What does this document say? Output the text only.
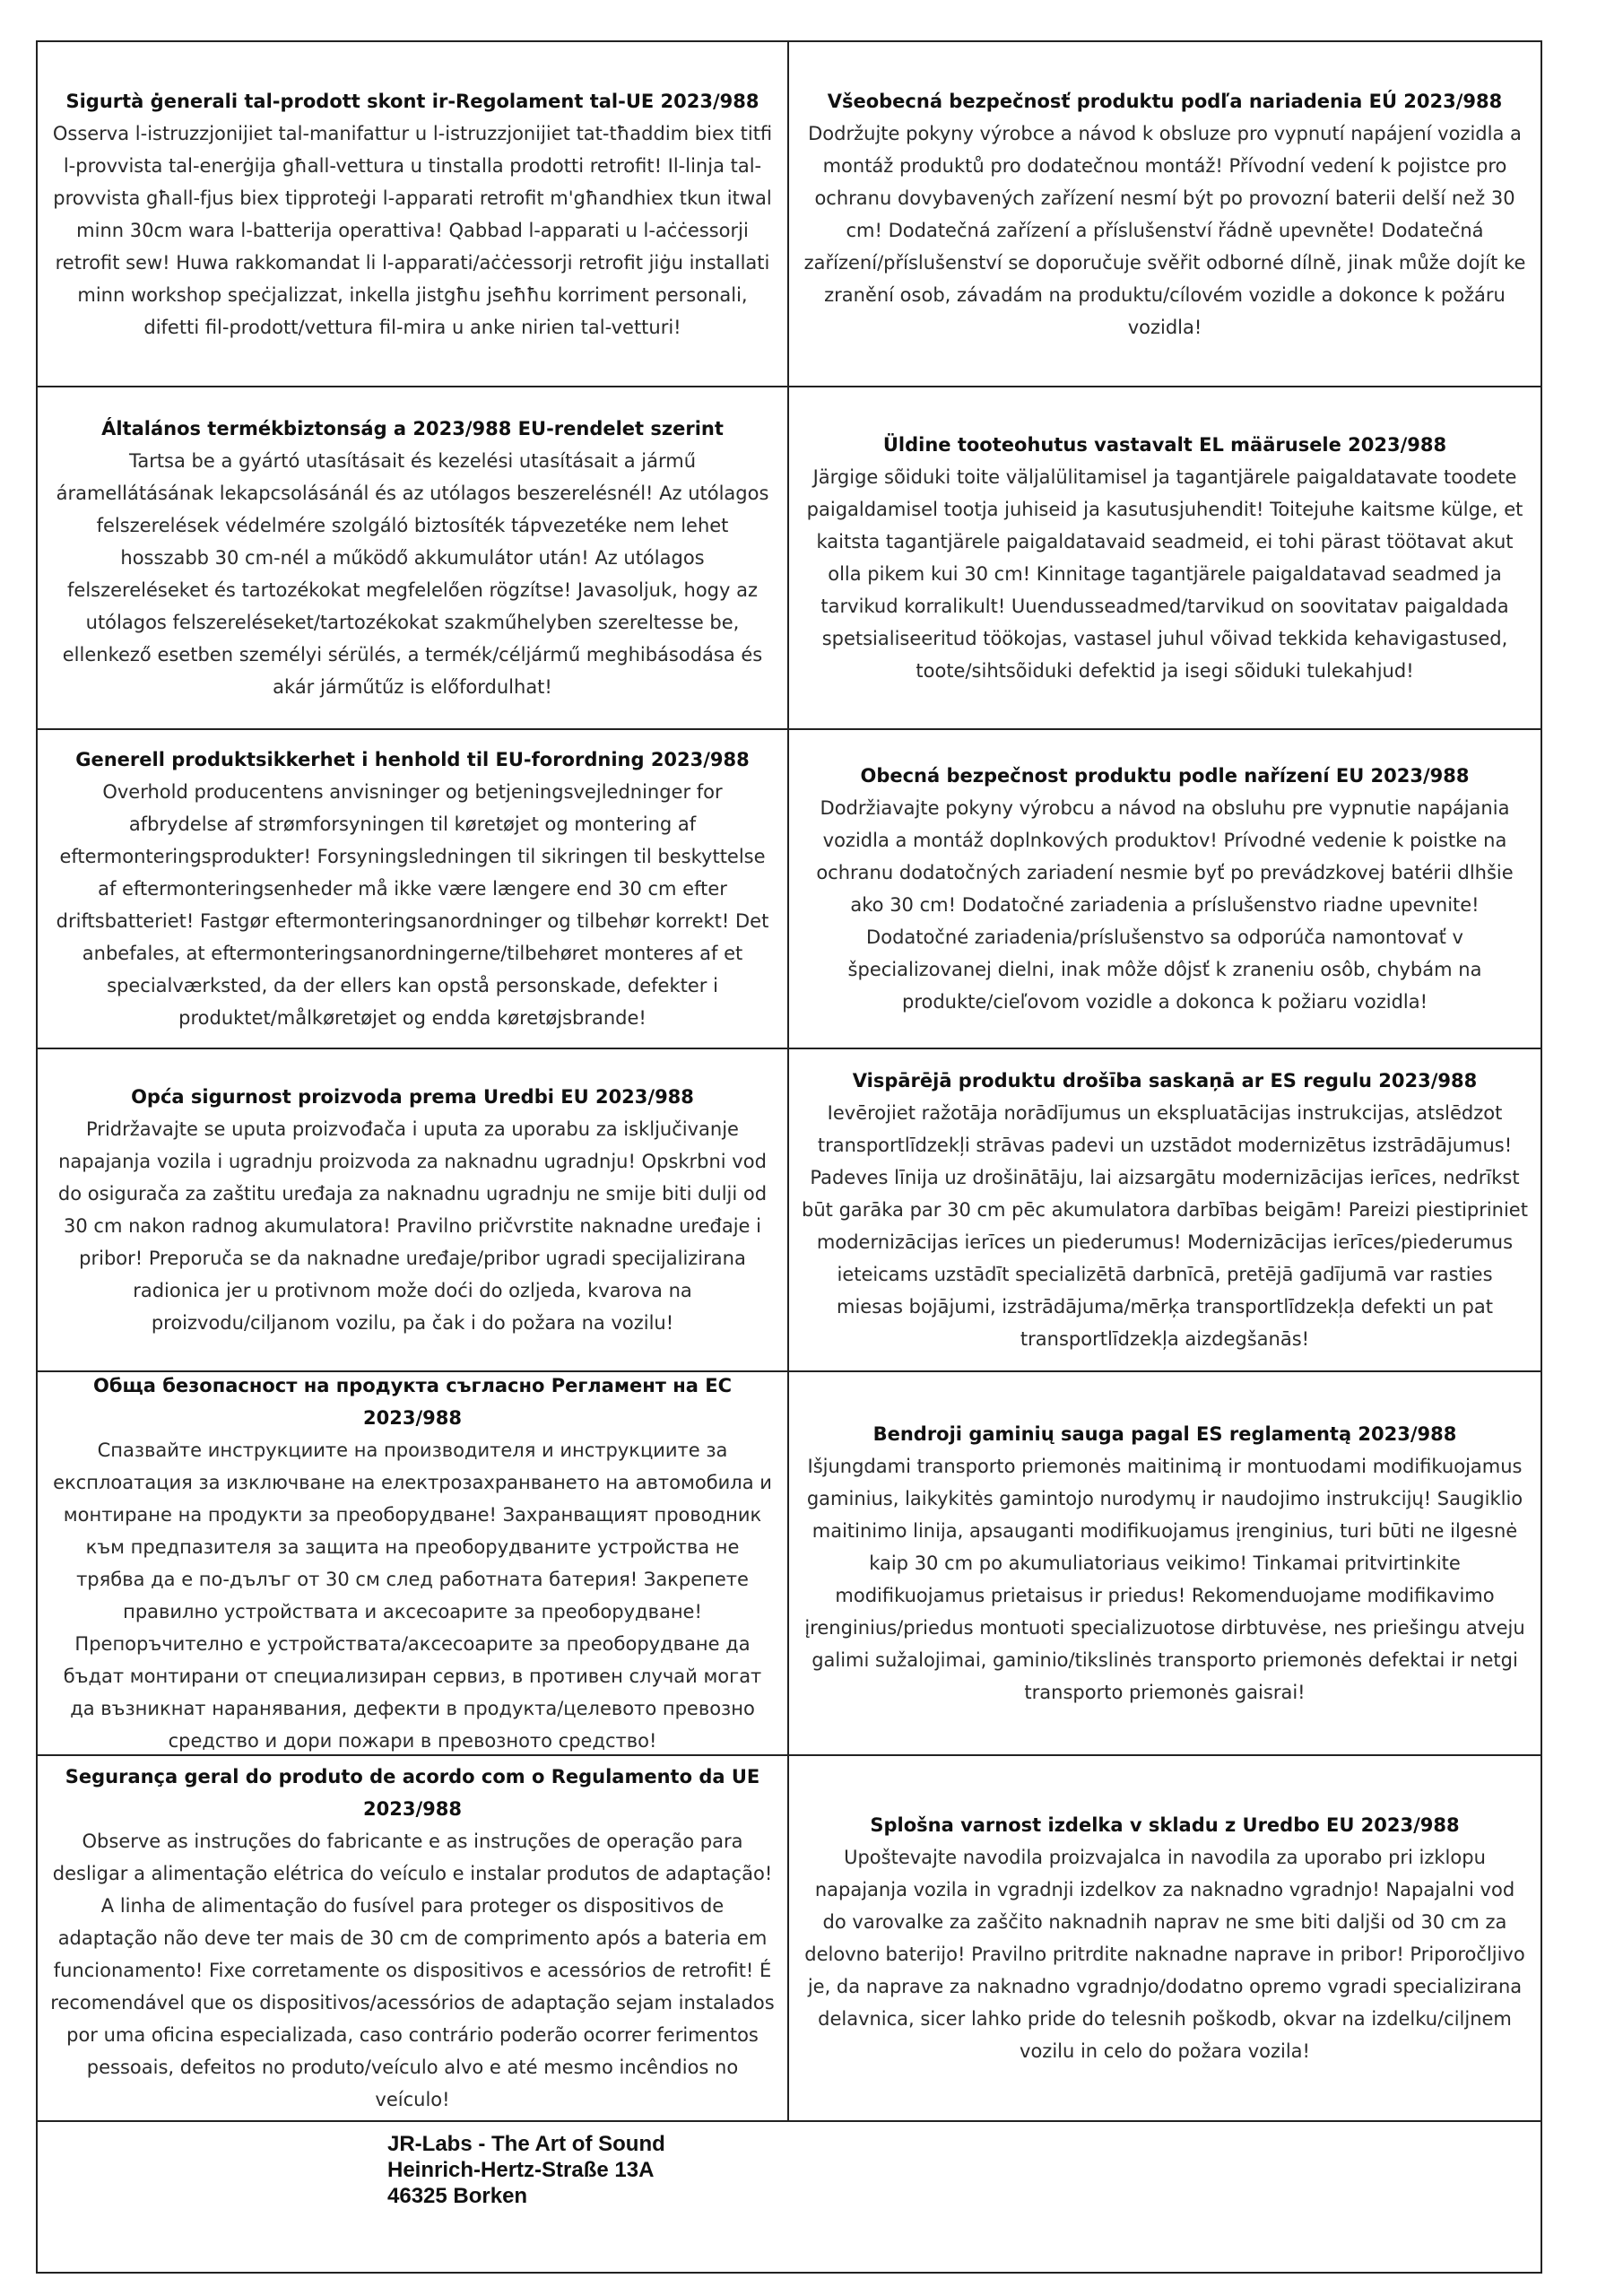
Sigurtà ġenerali tal-prodott skont ir-Regolament tal-UE 2023/988
Osserva l-istruzzjonijiet tal-manifattur u l-istruzzjonijiet tat-tħaddim biex titfi l-provvista tal-enerġija għall-vettura u tinstalla prodotti retrofit! Il-linja tal-provvista għall-fjus biex tipproteġi l-apparati retrofit m'għandhiex tkun itwal minn 30cm wara l-batterija operattiva! Qabbad l-apparati u l-aċċessorji retrofit sew! Huwa rakkomandat li l-apparati/aċċessorji retrofit jiġu installati minn workshop speċjalizzat, inkella jistgħu jseħħu korriment personali, difetti fil-prodott/vettura fil-mira u anke nirien tal-vetturi!
Všeobecná bezpečnosť produktu podľa nariadenia EÚ 2023/988
Dodržujte pokyny výrobce a návod k obsluze pro vypnutí napájení vozidla a montáž produktů pro dodatečnou montáž! Přívodní vedení k pojistce pro ochranu dovybavených zařízení nesmí být po provozní baterii delší než 30 cm! Dodatečná zařízení a příslušenství řádně upevněte! Dodatečná zařízení/příslušenství se doporučuje svěřit odborné dílně, jinak může dojít ke zranění osob, závadám na produktu/cílovém vozidle a dokonce k požáru vozidla!
Általános termékbiztonság a 2023/988 EU-rendelet szerint
Tartsa be a gyártó utasításait és kezelési utasításait a jármű áramellátásának lekapcsolásánál és az utólagos beszerelésnél! Az utólagos felszerelések védelmére szolgáló biztosíték tápvezetéke nem lehet hosszabb 30 cm-nél a működő akkumulátor után! Az utólagos felszereléseket és tartozékokat megfelelően rögzítse! Javasoljuk, hogy az utólagos felszereléseket/tartozékokat szakműhelyben szereltesse be, ellenkező esetben személyi sérülés, a termék/céljármű meghibásodása és akár járműtűz is előfordulhat!
Üldine tooteohutus vastavalt EL määrusele 2023/988
Järgige sõiduki toite väljalülitamisel ja tagantjärele paigaldatavate toodete paigaldamisel tootja juhiseid ja kasutusjuhendit! Toitejuhe kaitsme külge, et kaitsta tagantjärele paigaldatavaid seadmeid, ei tohi pärast töötavat akut olla pikem kui 30 cm! Kinnitage tagantjärele paigaldatavad seadmed ja tarvikud korralikult! Uuendusseadmed/tarvikud on soovitatav paigaldada spetsialiseeritud töökojas, vastasel juhul võivad tekkida kehavigastused, toote/sihtsõiduki defektid ja isegi sõiduki tulekahjud!
Generell produktsikkerhet i henhold til EU-forordning 2023/988
Overhold producentens anvisninger og betjeningsvejledninger for afbrydelse af strømforsyningen til køretøjet og montering af eftermonteringsprodukter! Forsyningsledningen til sikringen til beskyttelse af eftermonteringsenheder må ikke være længere end 30 cm efter driftsbatteriet! Fastgør eftermonteringsanordninger og tilbehør korrekt! Det anbefales, at eftermonteringsanordningerne/tilbehøret monteres af et specialværksted, da der ellers kan opstå personskade, defekter i produktet/målkøretøjet og endda køretøjsbrande!
Obecná bezpečnost produktu podle nařízení EU 2023/988
Dodržiavajte pokyny výrobcu a návod na obsluhu pre vypnutie napájania vozidla a montáž doplnkových produktov! Prívodné vedenie k poistke na ochranu dodatočných zariadení nesmie byť po prevádzkovej batérii dlhšie ako 30 cm! Dodatočné zariadenia a príslušenstvo riadne upevnite! Dodatočné zariadenia/príslušenstvo sa odporúča namontovať v špecializovanej dielni, inak môže dôjsť k zraneniu osôb, chybám na produkte/cieľovom vozidle a dokonca k požiaru vozidla!
Opća sigurnost proizvoda prema Uredbi EU 2023/988
Pridržavajte se uputa proizvođača i uputa za uporabu za isključivanje napajanja vozila i ugradnju proizvoda za naknadnu ugradnju! Opskrbni vod do osigurača za zaštitu uređaja za naknadnu ugradnju ne smije biti dulji od 30 cm nakon radnog akumulatora! Pravilno pričvrstite naknadne uređaje i pribor! Preporuča se da naknadne uređaje/pribor ugradi specijalizirana radionica jer u protivnom može doći do ozljeda, kvarova na proizvodu/ciljanom vozilu, pa čak i do požara na vozilu!
Vispārējā produktu drošība saskaņā ar ES regulu 2023/988
Ievērojiet ražotāja norādījumus un ekspluatācijas instrukcijas, atslēdzot transportlīdzekļi strāvas padevi un uzstādot modernizētus izstrādājumus! Padeves līnija uz drošinātāju, lai aizsargātu modernizācijas ierīces, nedrīkst būt garāka par 30 cm pēc akumulatora darbības beigām! Pareizi piestipriniet modernizācijas ierīces un piederumus! Modernizācijas ierīces/piederumus ieteicams uzstādīt specializētā darbnīcā, pretējā gadījumā var rasties miesas bojājumi, izstrādājuma/mērķa transportlīdzekļa defekti un pat transportlīdzekļa aizdegšanās!
Обща безопасност на продукта съгласно Регламент на ЕС 2023/988
Спазвайте инструкциите на производителя и инструкциите за експлоатация за изключване на електрозахранването на автомобила и монтиране на продукти за преоборудване! Захранващият проводник към предпазителя за защита на преоборудваните устройства не трябва да е по-дълъг от 30 см след работната батерия! Закрепете правилно устройствата и аксесоарите за преоборудване! Препоръчително е устройствата/аксесоарите за преоборудване да бъдат монтирани от специализиран сервиз, в противен случай могат да възникнат наранявания, дефекти в продукта/целевото превозно средство и дори пожари в превозното средство!
Bendroji gaminių sauga pagal ES reglamentą 2023/988
Išjungdami transporto priemonės maitinimą ir montuodami modifikuojamus gaminius, laikykitės gamintojo nurodymų ir naudojimo instrukcijų! Saugiklio maitinimo linija, apsauganti modifikuojamus įrenginius, turi būti ne ilgesnė kaip 30 cm po akumuliatoriaus veikimo! Tinkamai pritvirtinkite modifikuojamus prietaisus ir priedus! Rekomenduojame modifikavimo įrenginius/priedus montuoti specializuotose dirbtuvėse, nes priešingu atveju galimi sužalojimai, gaminio/tikslinės transporto priemonės defektai ir netgi transporto priemonės gaisrai!
Segurança geral do produto de acordo com o Regulamento da UE 2023/988
Observe as instruções do fabricante e as instruções de operação para desligar a alimentação elétrica do veículo e instalar produtos de adaptação! A linha de alimentação do fusível para proteger os dispositivos de adaptação não deve ter mais de 30 cm de comprimento após a bateria em funcionamento! Fixe corretamente os dispositivos e acessórios de retrofit! É recomendável que os dispositivos/acessórios de adaptação sejam instalados por uma oficina especializada, caso contrário poderão ocorrer ferimentos pessoais, defeitos no produto/veículo alvo e até mesmo incêndios no veículo!
Splošna varnost izdelka v skladu z Uredbo EU 2023/988
Upoštevajte navodila proizvajalca in navodila za uporabo pri izklopu napajanja vozila in vgradnji izdelkov za naknadno vgradnjo! Napajalni vod do varovalke za zaščito naknadnih naprav ne sme biti daljši od 30 cm za delovno baterijo! Pravilno pritrdite naknadne naprave in pribor! Priporočljivo je, da naprave za naknadno vgradnjo/dodatno opremo vgradi specializirana delavnica, sicer lahko pride do telesnih poškodb, okvar na izdelku/ciljnem vozilu in celo do požara vozila!
JR-Labs - The Art of Sound
Heinrich-Hertz-Straße 13A
46325 Borken
